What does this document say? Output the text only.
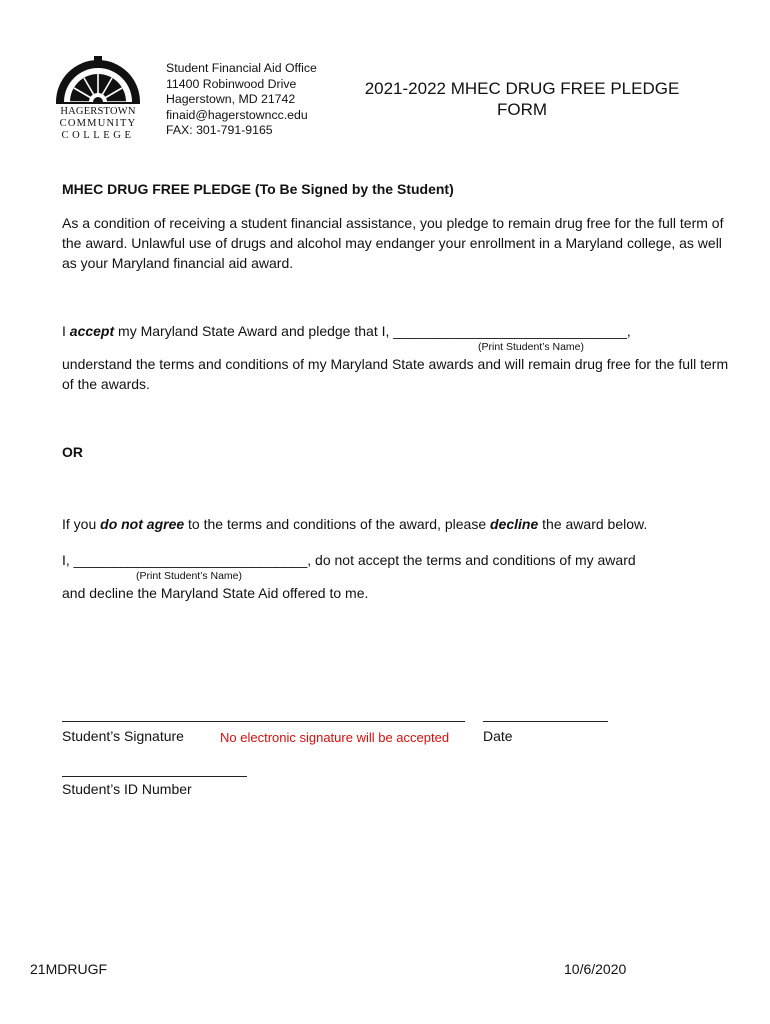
HAGERSTOWN
COMMUNITY
COLLEGE
Student Financial Aid Office
11400 Robinwood Drive
Hagerstown, MD 21742
finaid@hagerstowncc.edu
FAX: 301-791-9165
2021-2022 MHEC DRUG FREE PLEDGE
FORM
MHEC DRUG FREE PLEDGE (To Be Signed by the Student)
As a condition of receiving a student financial assistance, you pledge to remain drug free for the full term of the award. Unlawful use of drugs and alcohol may endanger your enrollment in a Maryland college, as well as your Maryland financial aid award.
I accept my Maryland State Award and pledge that I, ______________________________,
(Print Student’s Name)
understand the terms and conditions of my Maryland State awards and will remain drug free for the full term of the awards.
OR
If you do not agree to the terms and conditions of the award, please decline the award below.
I, ______________________________, do not accept the terms and conditions of my award
(Print Student’s Name)
and decline the Maryland State Aid offered to me.
Student’s Signature	No electronic signature will be accepted Date
Student’s ID Number
21MDRUGF	10/6/2020
